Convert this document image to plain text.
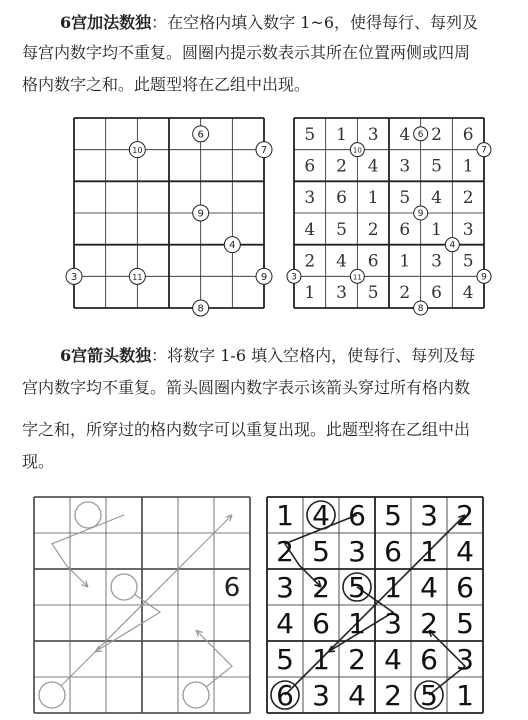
6宫加法数独：在空格内填入数字 1~6，使得每行、每列及
每宫内数字均不重复。圆圈内提示数表示其所在位置两侧或四周
格内数字之和。此题型将在乙组中出现。
10
6
7
9
4
3	11	9
8
5 1 3 4 2 6
6 2 4 3 5 1
3 6 1 5 4 2
4 5 2 6 1 3
2 4 6 1 3 5
1 3 5 2 6 4
10
6
7
9
4
3	11	9
8
6宫箭头数独：将数字 1-6 填入空格内，使每行、每列及每
宫内数字均不重复。箭头圆圈内数字表示该箭头穿过所有格内数
字之和，所穿过的格内数字可以重复出现。此题型将在乙组中出
现。
6
1 4 6 5 3 2
2 5 3 6 1 4
3 2 5 1 4 6
4 6 1 3 2 5
5 1 2 4 6 3
6 3 4 2 5 1
